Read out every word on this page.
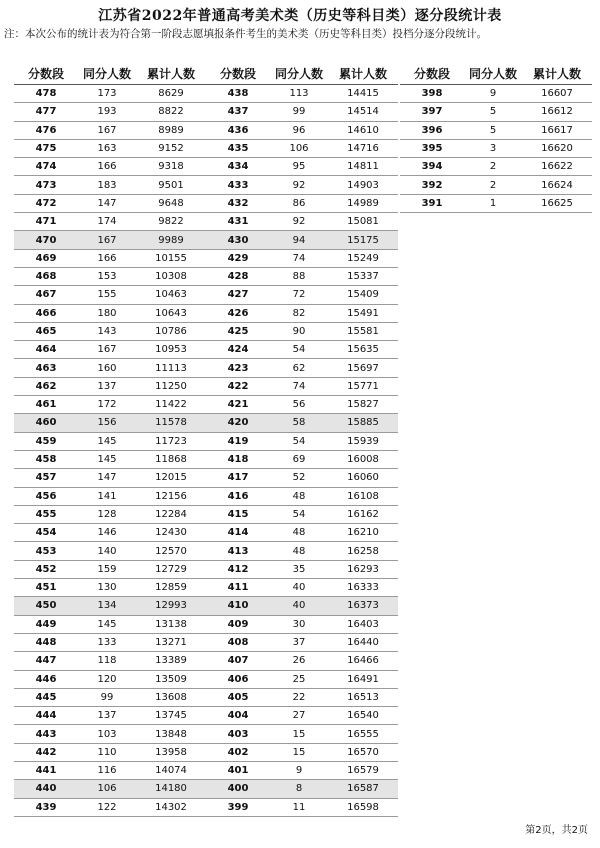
江苏省2022年普通高考美术类（历史等科目类）逐分段统计表
注：本次公布的统计表为符合第一阶段志愿填报条件考生的美术类（历史等科目类）投档分逐分段统计。
分数段	同分人数	累计人数
478	173	8629
477	193	8822
476	167	8989
475	163	9152
474	166	9318
473	183	9501
472	147	9648
471	174	9822
470	167	9989
469	166	10155
468	153	10308
467	155	10463
466	180	10643
465	143	10786
464	167	10953
463	160	11113
462	137	11250
461	172	11422
460	156	11578
459	145	11723
458	145	11868
457	147	12015
456	141	12156
455	128	12284
454	146	12430
453	140	12570
452	159	12729
451	130	12859
450	134	12993
449	145	13138
448	133	13271
447	118	13389
446	120	13509
445	99	13608
444	137	13745
443	103	13848
442	110	13958
441	116	14074
440	106	14180
439	122	14302
分数段	同分人数	累计人数
438	113	14415
437	99	14514
436	96	14610
435	106	14716
434	95	14811
433	92	14903
432	86	14989
431	92	15081
430	94	15175
429	74	15249
428	88	15337
427	72	15409
426	82	15491
425	90	15581
424	54	15635
423	62	15697
422	74	15771
421	56	15827
420	58	15885
419	54	15939
418	69	16008
417	52	16060
416	48	16108
415	54	16162
414	48	16210
413	48	16258
412	35	16293
411	40	16333
410	40	16373
409	30	16403
408	37	16440
407	26	16466
406	25	16491
405	22	16513
404	27	16540
403	15	16555
402	15	16570
401	9	16579
400	8	16587
399	11	16598
分数段	同分人数	累计人数
398	9	16607
397	5	16612
396	5	16617
395	3	16620
394	2	16622
392	2	16624
391	1	16625
第2页，共2页
